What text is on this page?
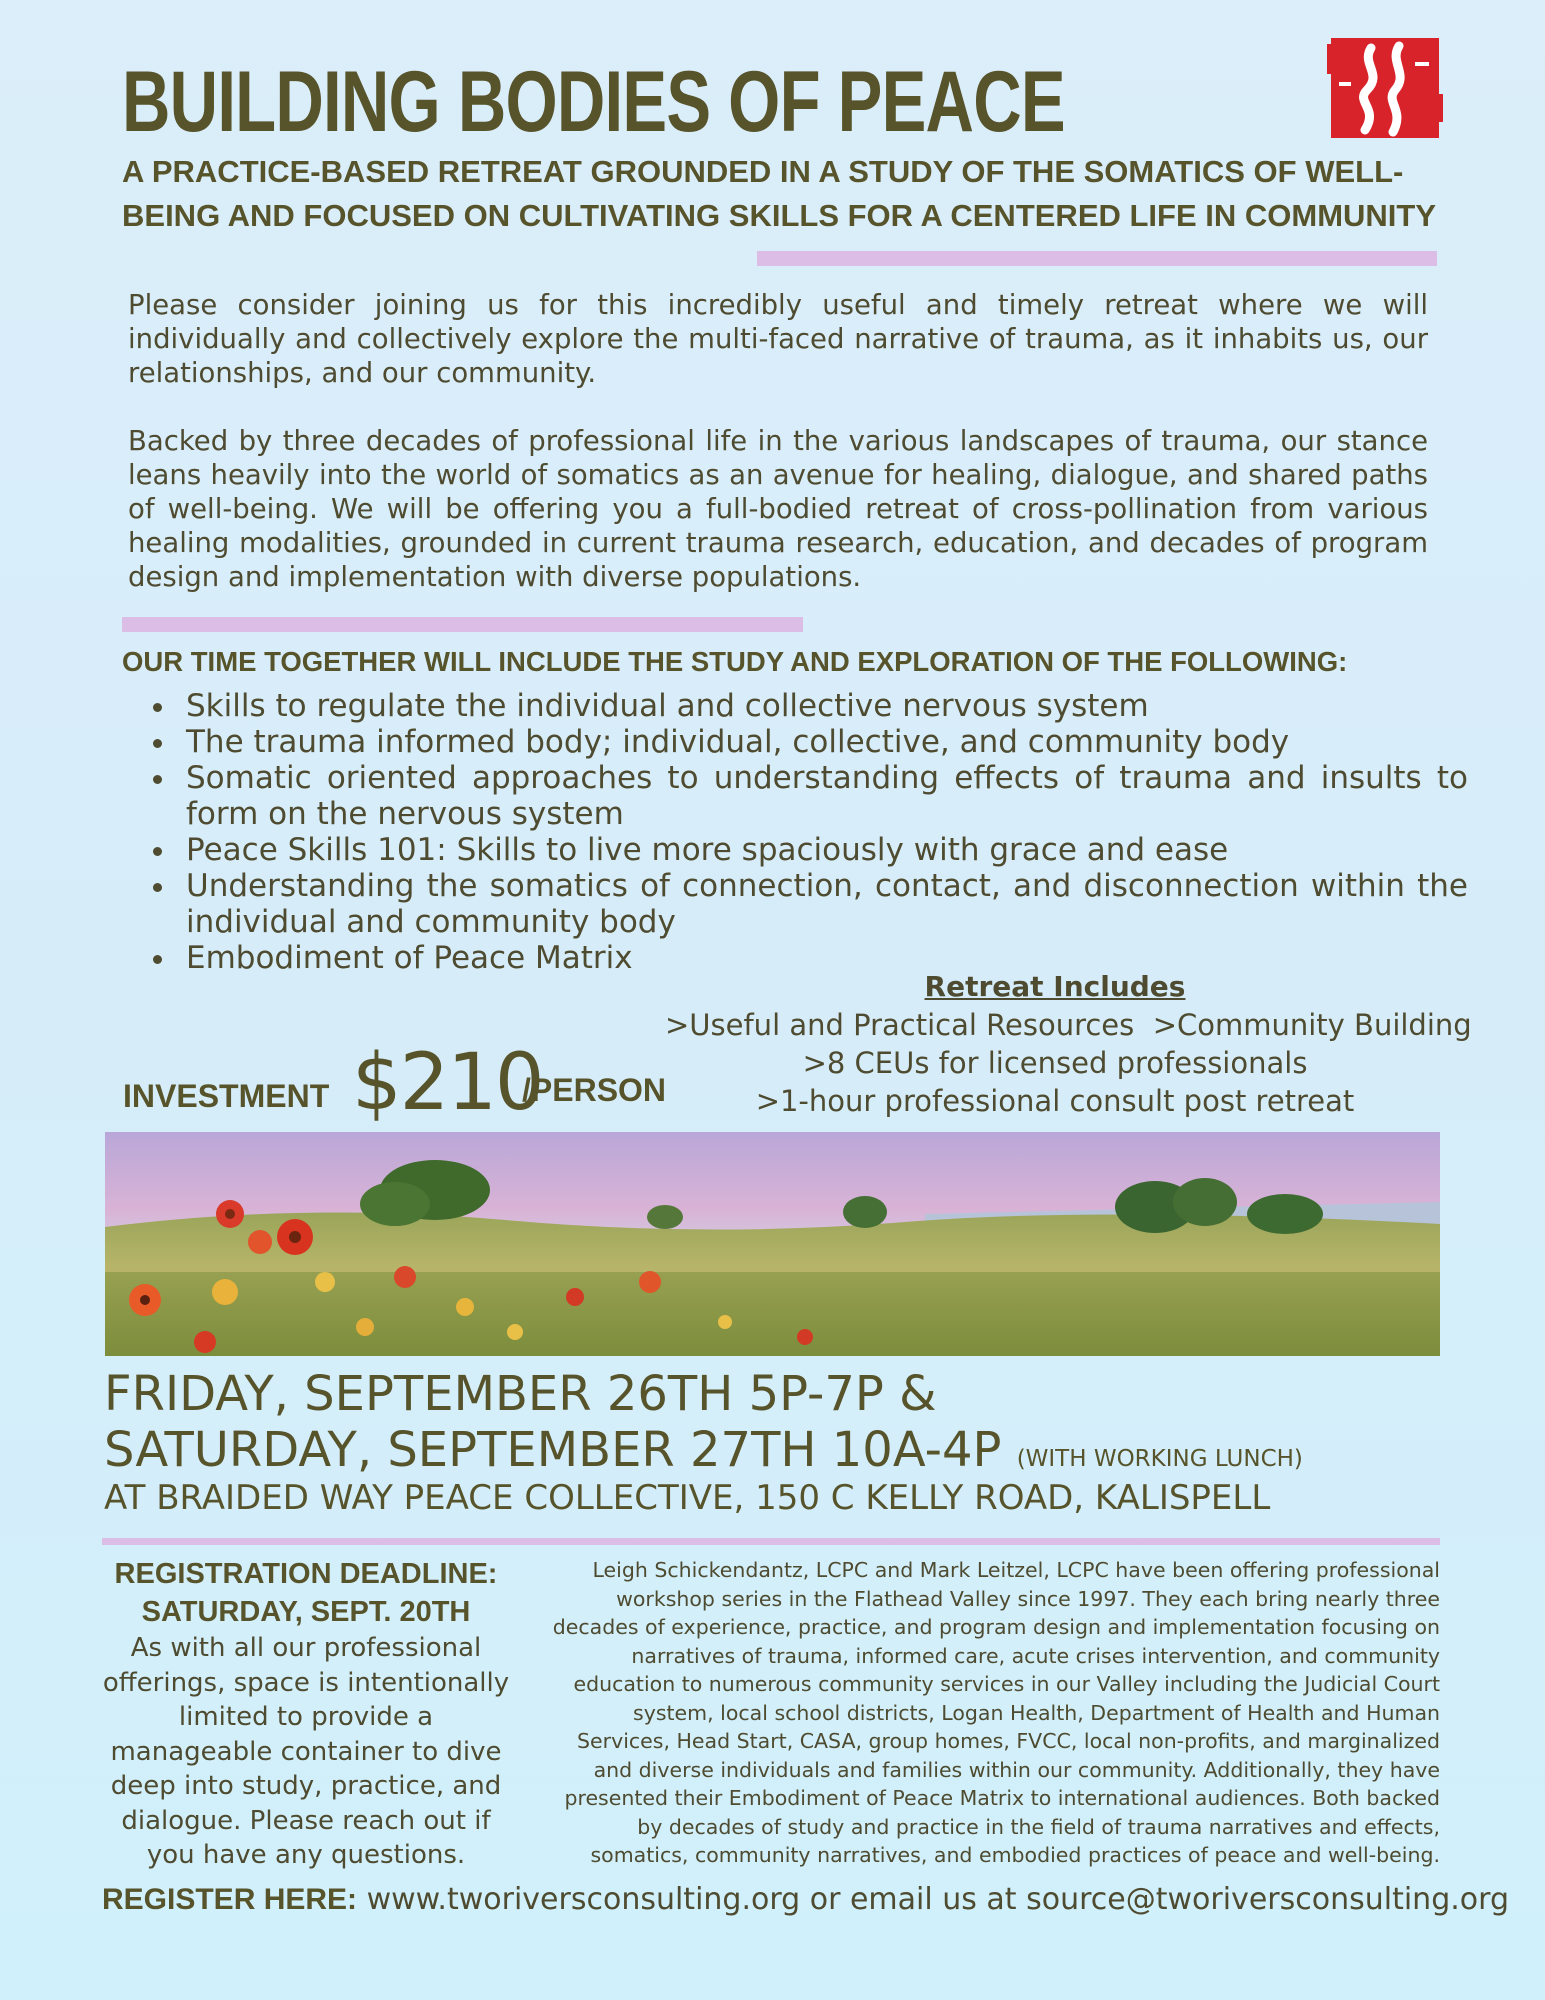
BUILDING BODIES OF PEACE
A PRACTICE-BASED RETREAT GROUNDED IN A STUDY OF THE SOMATICS OF WELL-
BEING AND FOCUSED ON CULTIVATING SKILLS FOR A CENTERED LIFE IN COMMUNITY
Please consider joining us for this incredibly useful and timely retreat where we will individually and collectively explore the multi-faced narrative of trauma, as it inhabits us, our relationships, and our community.
Backed by three decades of professional life in the various landscapes of trauma, our stance leans heavily into the world of somatics as an avenue for healing, dialogue, and shared paths of well-being. We will be offering you a full-bodied retreat of cross-pollination from various healing modalities, grounded in current trauma research, education, and decades of program design and implementation with diverse populations.
OUR TIME TOGETHER WILL INCLUDE THE STUDY AND EXPLORATION OF THE FOLLOWING:
• Skills to regulate the individual and collective nervous system
• The trauma informed body; individual, collective, and community body
• Somatic oriented approaches to understanding effects of trauma and insults to form on the nervous system
• Peace Skills 101: Skills to live more spaciously with grace and ease
• Understanding the somatics of connection, contact, and disconnection within the individual and community body
• Embodiment of Peace Matrix
Retreat Includes
>Useful and Practical Resources  >Community Building
>8 CEUs for licensed professionals
>1-hour professional consult post retreat
INVESTMENT $210
/PERSON
FRIDAY, SEPTEMBER 26TH 5P-7P &
SATURDAY, SEPTEMBER 27TH 10A-4P (WITH WORKING LUNCH)
AT BRAIDED WAY PEACE COLLECTIVE, 150 C KELLY ROAD, KALISPELL
REGISTRATION DEADLINE:
SATURDAY, SEPT. 20TH
As with all our professional offerings, space is intentionally limited to provide a manageable container to dive deep into study, practice, and dialogue. Please reach out if you have any questions.
Leigh Schickendantz, LCPC and Mark Leitzel, LCPC have been offering professional workshop series in the Flathead Valley since 1997. They each bring nearly three decades of experience, practice, and program design and implementation focusing on narratives of trauma, informed care, acute crises intervention, and community education to numerous community services in our Valley including the Judicial Court system, local school districts, Logan Health, Department of Health and Human Services, Head Start, CASA, group homes, FVCC, local non-profits, and marginalized and diverse individuals and families within our community. Additionally, they have presented their Embodiment of Peace Matrix to international audiences. Both backed by decades of study and practice in the field of trauma narratives and effects, somatics, community narratives, and embodied practices of peace and well-being.
REGISTER HERE: www.tworiversconsulting.org or email us at source@tworiversconsulting.org
